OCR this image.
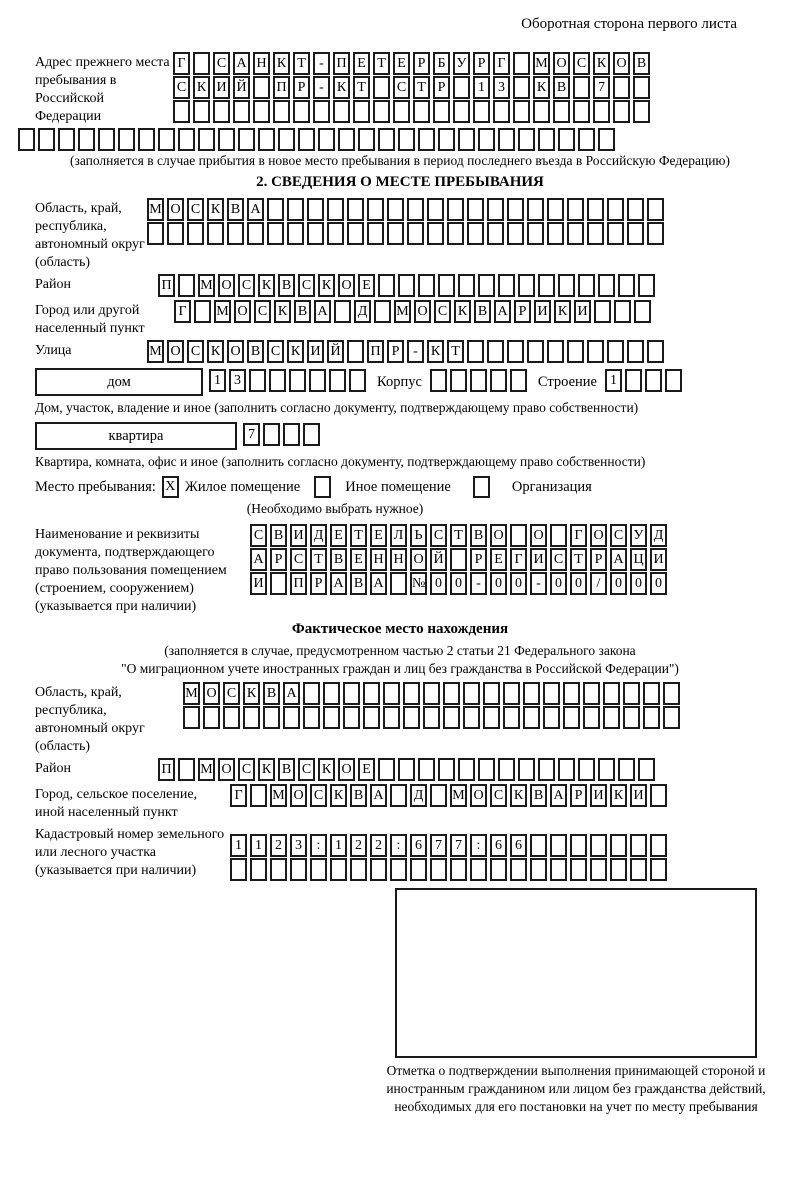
Оборотная сторона первого листа
Адрес прежнего места пребывания в Российской Федерации
Г	С А Н К Т - П Е Т Е Р Б У Р Г	М О С К О В
С К И Й П Р - К Т	С Т Р	1 3	К В	7
(заполняется в случае прибытия в новое место пребывания в период последнего въезда в Российскую Федерацию)
2. СВЕДЕНИЯ О МЕСТЕ ПРЕБЫВАНИЯ
Область, край, республика, автономный округ (область)
М О С К В А
Район	П М О С К В С К О Е
Город или другой населенный пункт
Г	М О С К В А Д М О С К В А Р И К И
Улица	М О С К О В С К И Й П Р - К Т
дом	1 3	Корпус	Строение 1
Дом, участок, владение и иное (заполнить согласно документу, подтверждающему право собственности)
квартира	7
Квартира, комната, офис и иное (заполнить согласно документу, подтверждающему право собственности)
Место пребывания: X Жилое помещение	Иное помещение	Организация
(Необходимо выбрать нужное)
Наименование и реквизиты документа, подтверждающего право пользования помещением (строением, сооружением) (указывается при наличии)
С В И Д Е Т Е Л Ь С Т В О О	Г О С У Д
А Р С Т В Е Н Н О Й	Р Е Г И С Т Р А Ц И
И П Р А В А № 0 0	-	0 0	-	0 0	/	0 0 0
Фактическое место нахождения
(заполняется в случае, предусмотренном частью 2 статьи 21 Федерального закона
"О миграционном учете иностранных граждан и лиц без гражданства в Российской Федерации")
Область, край, республика, автономный округ (область)
М О С К В А
Район	П М О С К В С К О Е
Город, сельское поселение, иной населенный пункт
Г	М О С К В А Д М О С К В А Р И К И
Кадастровый номер земельного или лесного участка (указывается при наличии)
1 1 2 3	:	1 2 2	:	6 7 7	:	6 6
Отметка о подтверждении выполнения принимающей стороной и иностранным гражданином или лицом без гражданства действий, необходимых для его постановки на учет по месту пребывания
